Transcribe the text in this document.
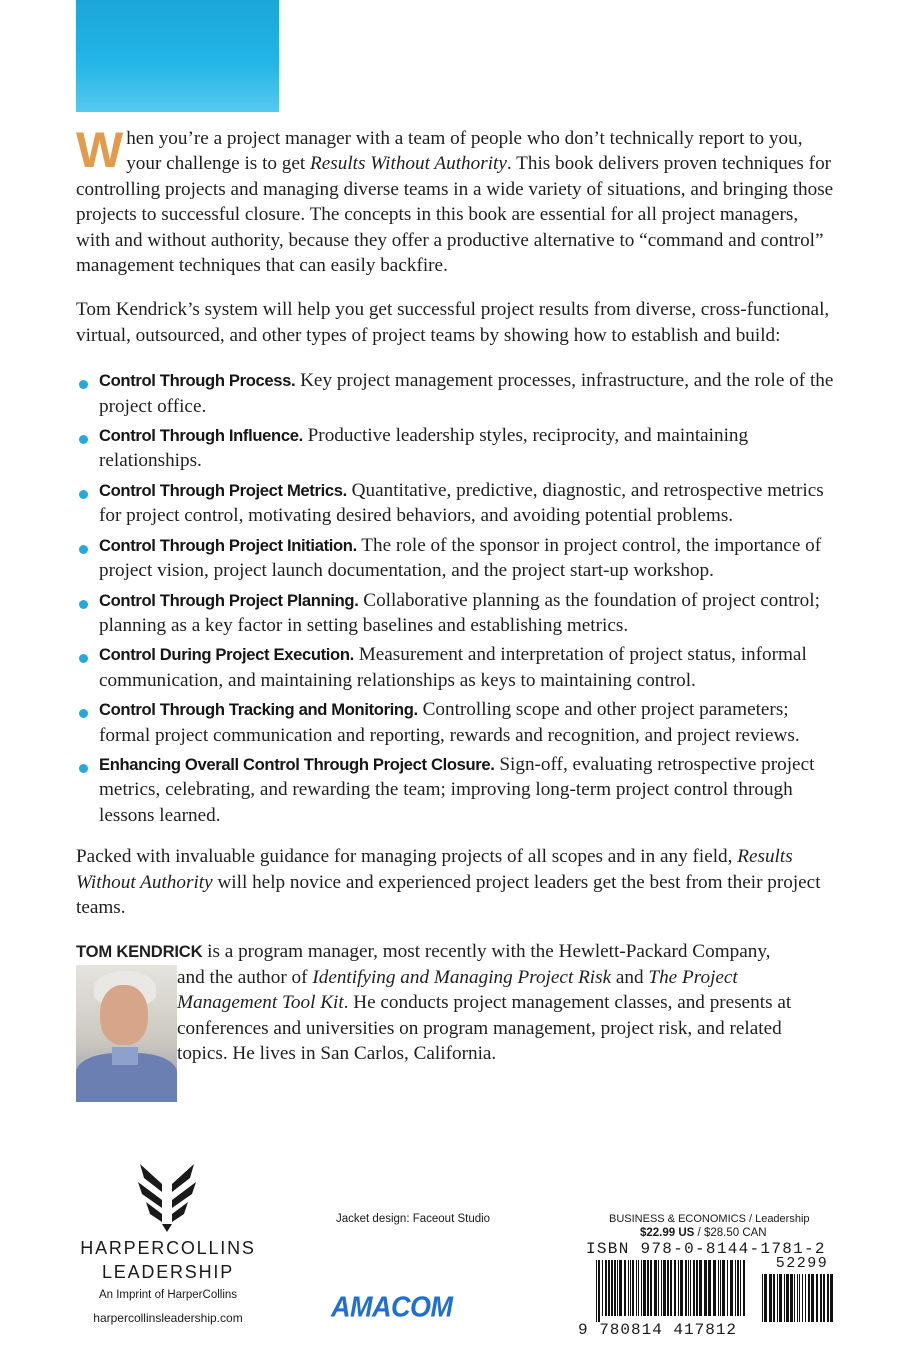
When you’re a project manager with a team of people who don’t technically report to you, your challenge is to get Results Without Authority. This book delivers proven techniques for controlling projects and managing diverse teams in a wide variety of situations, and bringing those projects to successful closure. The concepts in this book are essential for all project managers, with and without authority, because they offer a productive alternative to “command and control” management techniques that can easily backfire.

Tom Kendrick’s system will help you get successful project results from diverse, cross-functional, virtual, outsourced, and other types of project teams by showing how to establish and build:

Control Through Process. Key project management processes, infrastructure, and the role of the project office.
Control Through Influence. Productive leadership styles, reciprocity, and maintaining relationships.
Control Through Project Metrics. Quantitative, predictive, diagnostic, and retrospective metrics for project control, motivating desired behaviors, and avoiding potential problems.
Control Through Project Initiation. The role of the sponsor in project control, the importance of project vision, project launch documentation, and the project start-up workshop.
Control Through Project Planning. Collaborative planning as the foundation of project control; planning as a key factor in setting baselines and establishing metrics.
Control During Project Execution. Measurement and interpretation of project status, informal communication, and maintaining relationships as keys to maintaining control.
Control Through Tracking and Monitoring. Controlling scope and other project parameters; formal project communication and reporting, rewards and recognition, and project reviews.
Enhancing Overall Control Through Project Closure. Sign-off, evaluating retrospective project metrics, celebrating, and rewarding the team; improving long-term project control through lessons learned.

Packed with invaluable guidance for managing projects of all scopes and in any field, Results Without Authority will help novice and experienced project leaders get the best from their project teams.

TOM KENDRICK is a program manager, most recently with the Hewlett-Packard Company,
and the author of Identifying and Managing Project Risk and The Project Management Tool Kit. He conducts project management classes, and presents at conferences and universities on program management, project risk, and related topics. He lives in San Carlos, California.
HARPERCOLLINS
LEADERSHIP
An Imprint of HarperCollins
harpercollinsleadership.com
Jacket design: Faceout Studio
AMACOM
BUSINESS & ECONOMICS / Leadership
$22.99 US / $28.50 CAN
ISBN 978-0-8144-1781-2
52299
9 780814 417812
